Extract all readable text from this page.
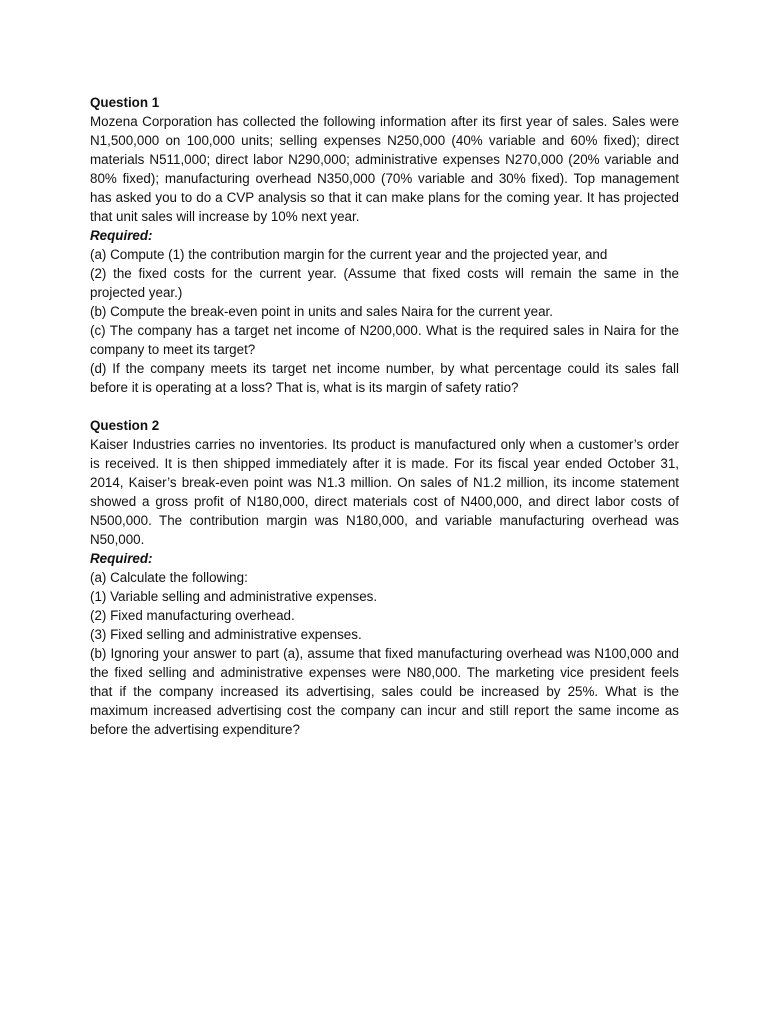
Question 1

Mozena Corporation has collected the following information after its first year of sales. Sales were N1,500,000 on 100,000 units; selling expenses N250,000 (40% variable and 60% fixed); direct materials N511,000; direct labor N290,000; administrative expenses N270,000 (20% variable and 80% fixed); manufacturing overhead N350,000 (70% variable and 30% fixed). Top management has asked you to do a CVP analysis so that it can make plans for the coming year. It has projected that unit sales will increase by 10% next year.

Required:

(a) Compute (1) the contribution margin for the current year and the projected year, and

(2) the fixed costs for the current year. (Assume that fixed costs will remain the same in the projected year.)

(b) Compute the break-even point in units and sales Naira for the current year.

(c) The company has a target net income of N200,000. What is the required sales in Naira for the company to meet its target?

(d) If the company meets its target net income number, by what percentage could its sales fall before it is operating at a loss? That is, what is its margin of safety ratio?

Question 2

Kaiser Industries carries no inventories. Its product is manufactured only when a customer’s order is received. It is then shipped immediately after it is made. For its fiscal year ended October 31, 2014, Kaiser’s break-even point was N1.3 million. On sales of N1.2 million, its income statement showed a gross profit of N180,000, direct materials cost of N400,000, and direct labor costs of N500,000. The contribution margin was N180,000, and variable manufacturing overhead was N50,000.

Required:

(a) Calculate the following:

(1) Variable selling and administrative expenses.

(2) Fixed manufacturing overhead.

(3) Fixed selling and administrative expenses.

(b) Ignoring your answer to part (a), assume that fixed manufacturing overhead was N100,000 and the fixed selling and administrative expenses were N80,000. The marketing vice president feels that if the company increased its advertising, sales could be increased by 25%. What is the maximum increased advertising cost the company can incur and still report the same income as before the advertising expenditure?
